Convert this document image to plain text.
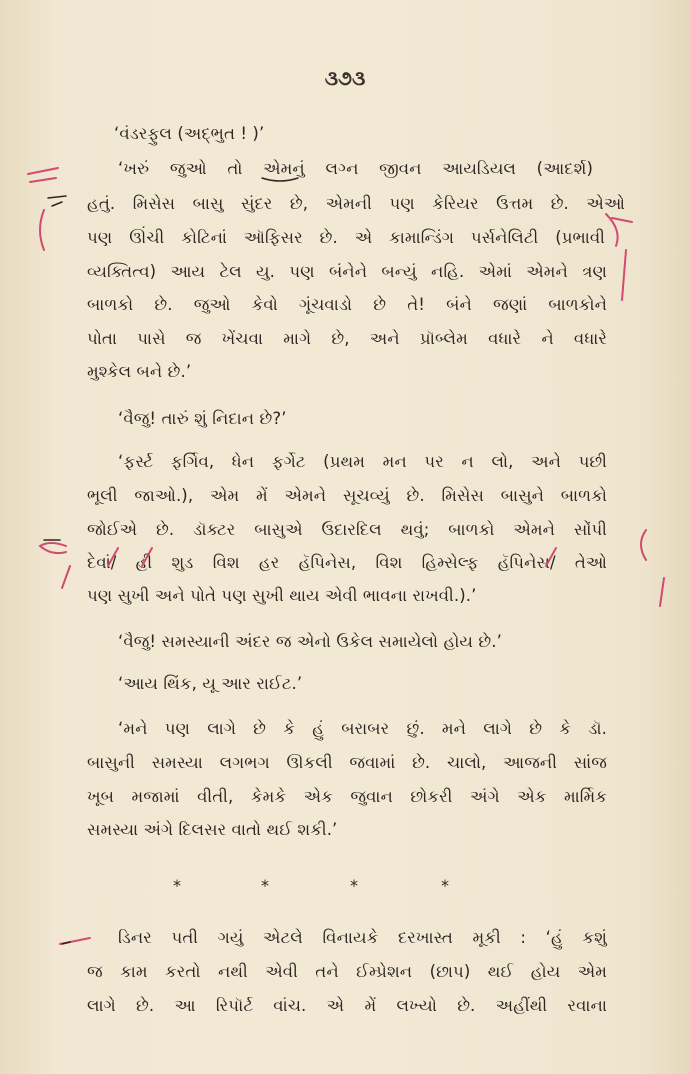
૩૭૩
‘વંડરફુલ (અદ્‌ભુત ! )’
‘ખરું જુઓ તો એમનું લગ્ન જીવન આયડિયલ (આદર્શ)
હતું. મિસેસ બાસુ સુંદર છે, એમની પણ કેરિયર ઉત્તમ છે. એઓ
પણ ઊંચી કોટિનાં ઑફિસર છે. એ કામાન્ડિંગ પર્સનેલિટી (પ્રભાવી
વ્યક્તિત્વ) આય ટેલ યુ. પણ બંનેને બન્યું નહિ. એમાં એમને ત્રણ
બાળકો છે. જુઓ કેવો ગૂંચવાડો છે તે! બંને જણાં બાળકોને
પોતા પાસે જ ખેંચવા માગે છે, અને પ્રૉબ્લેમ વધારે ને વધારે
મુશ્કેલ બને છે.’
‘વૈજુ! તારું શું નિદાન છે?’
‘ફર્સ્ટ ફર્ગિવ, ધેન ફર્ગેટ (પ્રથમ મન પર ન લો, અને પછી
ભૂલી જાઓ.), એમ મેં એમને સૂચવ્યું છે. મિસેસ બાસુને બાળકો
જોઈએ છે. ડૉક્ટર બાસુએ ઉદારદિલ થવું; બાળકો એમને સોંપી
દેવાં/ હી શુડ વિશ હર હૅપિનેસ, વિશ હિમ્સેલ્ફ હૅપિનેસ/ તેઓ
પણ સુખી અને પોતે પણ સુખી થાય એવી ભાવના રાખવી.).’
‘વૈજુ! સમસ્યાની અંદર જ એનો ઉકેલ સમાયેલો હોય છે.’
‘આય થિંક, યૂ આર રાઈટ.’
‘મને પણ લાગે છે કે હું બરાબર છું. મને લાગે છે કે ડૉ.
બાસુની સમસ્યા લગભગ ઊકલી જવામાં છે. ચાલો, આજની સાંજ
ખૂબ મજામાં વીતી, કેમકે એક જુવાન છોકરી અંગે એક માર્મિક
સમસ્યા અંગે દિલસર વાતો થઈ શકી.’
*	*	*	*
ડિનર પતી ગયું એટલે વિનાયકે દરખાસ્ત મૂકી : ‘હું કશું
જ કામ કરતો નથી એવી તને ઈમ્પ્રેશન (છાપ) થઈ હોય એમ
લાગે છે. આ રિપૉર્ટ વાંચ. એ મેં લખ્યો છે. અહીંથી રવાના
